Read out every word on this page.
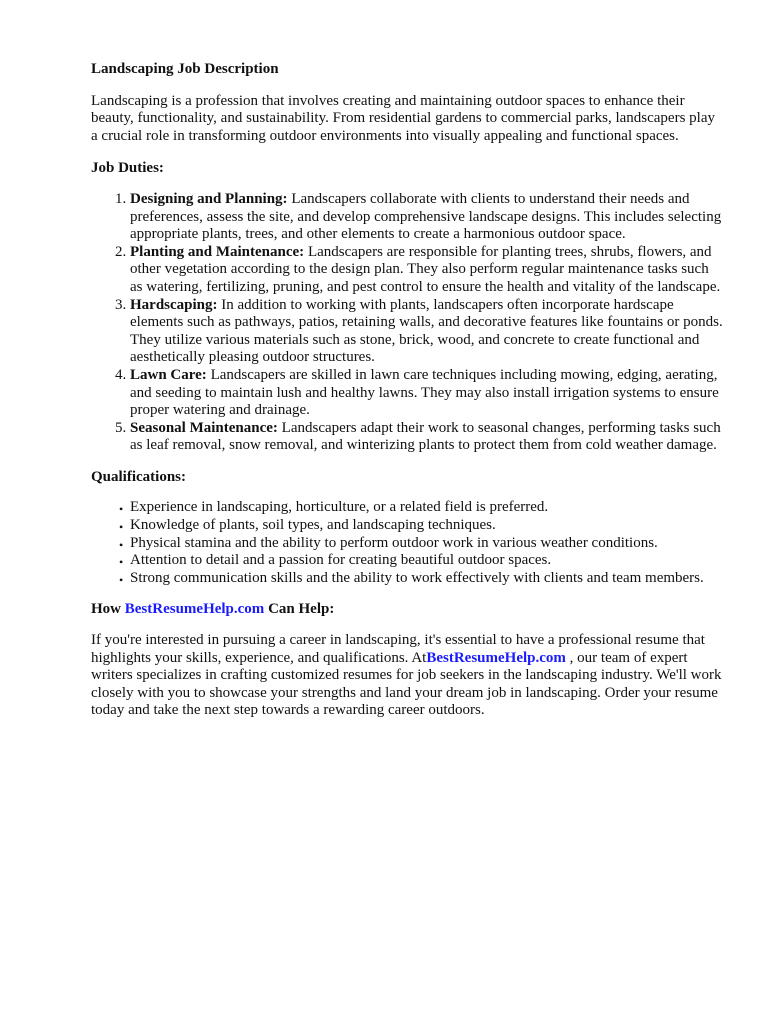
Landscaping Job Description

Landscaping is a profession that involves creating and maintaining outdoor spaces to enhance their beauty, functionality, and sustainability. From residential gardens to commercial parks, landscapers play a crucial role in transforming outdoor environments into visually appealing and functional spaces.

Job Duties:
1. Designing and Planning: Landscapers collaborate with clients to understand their needs and preferences, assess the site, and develop comprehensive landscape designs. This includes selecting appropriate plants, trees, and other elements to create a harmonious outdoor space.
2. Planting and Maintenance: Landscapers are responsible for planting trees, shrubs, flowers, and other vegetation according to the design plan. They also perform regular maintenance tasks such as watering, fertilizing, pruning, and pest control to ensure the health and vitality of the landscape.
3. Hardscaping: In addition to working with plants, landscapers often incorporate hardscape elements such as pathways, patios, retaining walls, and decorative features like fountains or ponds. They utilize various materials such as stone, brick, wood, and concrete to create functional and aesthetically pleasing outdoor structures.
4. Lawn Care: Landscapers are skilled in lawn care techniques including mowing, edging, aerating, and seeding to maintain lush and healthy lawns. They may also install irrigation systems to ensure proper watering and drainage.
5. Seasonal Maintenance: Landscapers adapt their work to seasonal changes, performing tasks such as leaf removal, snow removal, and winterizing plants to protect them from cold weather damage.
Qualifications:
• Experience in landscaping, horticulture, or a related field is preferred.
• Knowledge of plants, soil types, and landscaping techniques.
• Physical stamina and the ability to perform outdoor work in various weather conditions.
• Attention to detail and a passion for creating beautiful outdoor spaces.
• Strong communication skills and the ability to work effectively with clients and team members.
How BestResumeHelp.com Can Help:

If you're interested in pursuing a career in landscaping, it's essential to have a professional resume that highlights your skills, experience, and qualifications. AtBestResumeHelp.com , our team of expert writers specializes in crafting customized resumes for job seekers in the landscaping industry. We'll work closely with you to showcase your strengths and land your dream job in landscaping. Order your resume today and take the next step towards a rewarding career outdoors.
